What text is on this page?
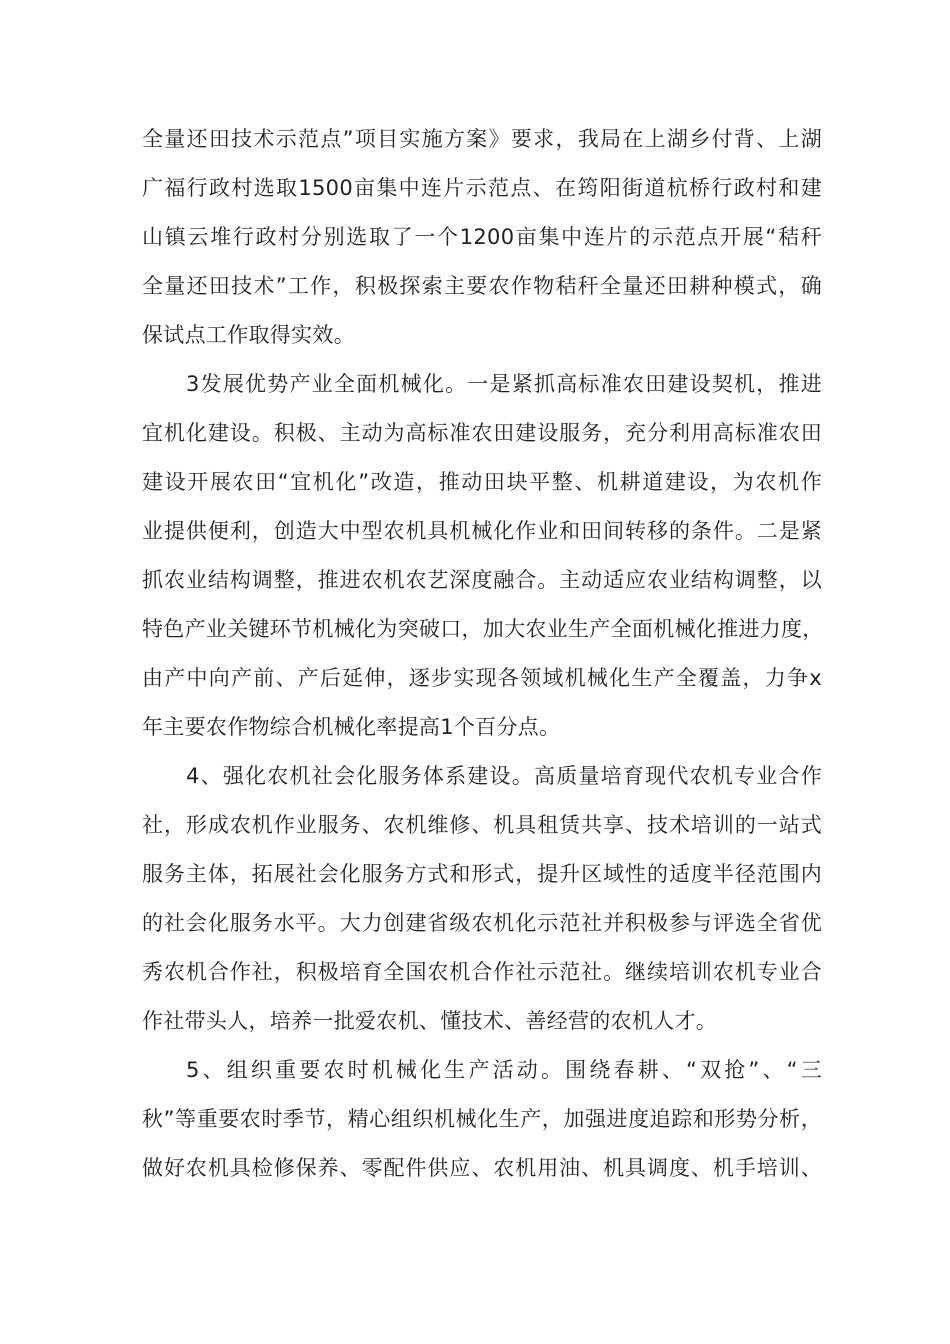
全量还田技术示范点”项目实施方案》要求，我局在上湖乡付背、上湖
广福行政村选取1500亩集中连片示范点、在筠阳街道杭桥行政村和建
山镇云堆行政村分别选取了一个1200亩集中连片的示范点开展“秸秆
全量还田技术”工作，积极探索主要农作物秸秆全量还田耕种模式，确
保试点工作取得实效。
3发展优势产业全面机械化。一是紧抓高标准农田建设契机，推进
宜机化建设。积极、主动为高标准农田建设服务，充分利用高标准农田
建设开展农田“宜机化”改造，推动田块平整、机耕道建设，为农机作
业提供便利，创造大中型农机具机械化作业和田间转移的条件。二是紧
抓农业结构调整，推进农机农艺深度融合。主动适应农业结构调整，以
特色产业关键环节机械化为突破口，加大农业生产全面机械化推进力度，
由产中向产前、产后延伸，逐步实现各领域机械化生产全覆盖，力争x
年主要农作物综合机械化率提高1个百分点。
4、强化农机社会化服务体系建设。高质量培育现代农机专业合作
社，形成农机作业服务、农机维修、机具租赁共享、技术培训的一站式
服务主体，拓展社会化服务方式和形式，提升区域性的适度半径范围内
的社会化服务水平。大力创建省级农机化示范社并积极参与评选全省优
秀农机合作社，积极培育全国农机合作社示范社。继续培训农机专业合
作社带头人，培养一批爱农机、懂技术、善经营的农机人才。
5、组织重要农时机械化生产活动。围绕春耕、“双抢”、“三
秋”等重要农时季节，精心组织机械化生产，加强进度追踪和形势分析，
做好农机具检修保养、零配件供应、农机用油、机具调度、机手培训、
